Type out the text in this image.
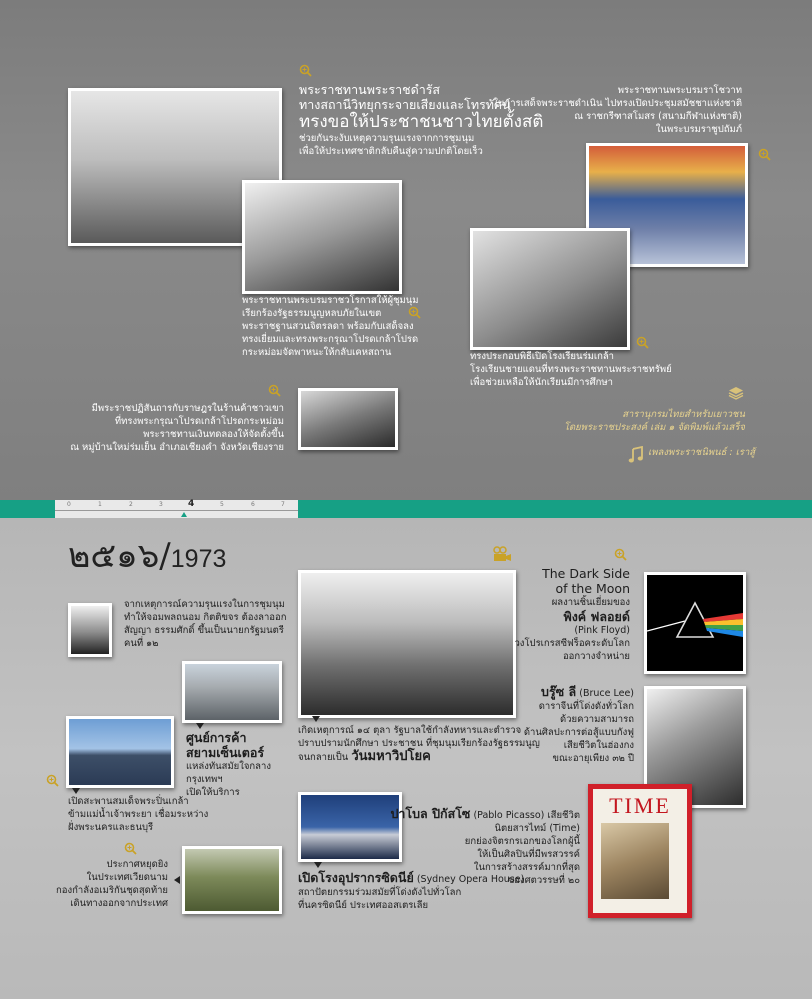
พระราชทานพระราชดำรัส
ทางสถานีวิทยุกระจายเสียงและโทรทัศน์
ทรงขอให้ประชาชนชาวไทยตั้งสติ
ช่วยกันระงับเหตุความรุนแรงจากการชุมนุม
เพื่อให้ประเทศชาติกลับคืนสู่ความปกติโดยเร็ว
พระราชทานพระบรมราโชวาท
ในการเสด็จพระราชดำเนิน ไปทรงเปิดประชุมสมัชชาแห่งชาติ
ณ ราชกรีฑาสโมสร (สนามกีฬาแห่งชาติ)
ในพระบรมราชูปถัมภ์
พระราชทานพระบรมราชวโรกาสให้ผู้ชุมนุม
เรียกร้องรัฐธรรมนูญหลบภัยในเขต
พระราชฐานสวนจิตรลดา พร้อมกับเสด็จลง
ทรงเยี่ยมและทรงพระกรุณาโปรดเกล้าโปรด
กระหม่อมจัดพาหนะให้กลับเคหสถาน	ทรงประกอบพิธีเปิดโรงเรียนร่มเกล้า
โรงเรียนชายแดนที่ทรงพระราชทานพระราชทรัพย์
เพื่อช่วยเหลือให้นักเรียนมีการศึกษา
มีพระราชปฏิสันถารกับราษฎรในร้านค้าชาวเขา
ที่ทรงพระกรุณาโปรดเกล้าโปรดกระหม่อม
พระราชทานเงินทดลองให้จัดตั้งขึ้น
ณ หมู่บ้านใหม่ร่มเย็น อำเภอเชียงคำ จังหวัดเชียงราย
สารานุกรมไทยสำหรับเยาวชน
โดยพระราชประสงค์ เล่ม ๑ จัดพิมพ์แล้วเสร็จ
เพลงพระราชนิพนธ์ : เราสู้
0	1	2	3	4	5	6	7
๒๕๑๖/1973
จากเหตุการณ์ความรุนแรงในการชุมนุม
ทำให้จอมพลถนอม กิตติขจร ต้องลาออก
สัญญา ธรรมศักดิ์ ขึ้นเป็นนายกรัฐมนตรี
คนที่ ๑๒
ศูนย์การค้า
สยามเซ็นเตอร์
แหล่งทันสมัยใจกลางกรุงเทพฯ
เปิดให้บริการ
เปิดสะพานสมเด็จพระปิ่นเกล้า
ข้ามแม่น้ำเจ้าพระยา เชื่อมระหว่าง
ฝั่งพระนครและธนบุรี
ประกาศหยุดยิง
ในประเทศเวียดนาม
กองกำลังอเมริกันชุดสุดท้าย
เดินทางออกจากประเทศ
เกิดเหตุการณ์ ๑๔ ตุลา รัฐบาลใช้กำลังทหารและตำรวจ
ปราบปรามนักศึกษา ประชาชน ที่ชุมนุมเรียกร้องรัฐธรรมนูญ
จนกลายเป็น วันมหาวิปโยค
เปิดโรงอุปรากรซิดนีย์ (Sydney Opera House)
สถาปัตยกรรมร่วมสมัยที่โด่งดังไปทั่วโลก
ที่นครซิดนีย์ ประเทศออสเตรเลีย
The Dark Side
of the Moon
ผลงานชิ้นเยี่ยมของ
พิงค์ ฟลอยด์
(Pink Floyd)
วงโปรเกรสซีฟร็อคระดับโลก
ออกวางจำหน่าย
บรู๊ซ ลี (Bruce Lee)
ดาราจีนที่โด่งดังทั่วโลก
ด้วยความสามารถ
ด้านศิลปะการต่อสู้แบบกังฟู
เสียชีวิตในฮ่องกง
ขณะอายุเพียง ๓๒ ปี
ปาโบล ปิกัสโซ (Pablo Picasso) เสียชีวิต
นิตยสารไทม์ (Time)
ยกย่องจิตรกรเอกของโลกผู้นี้
ให้เป็นศิลปินที่มีพรสวรรค์
ในการสร้างสรรค์มากที่สุด
ของศตวรรษที่ ๒๐
TIME
